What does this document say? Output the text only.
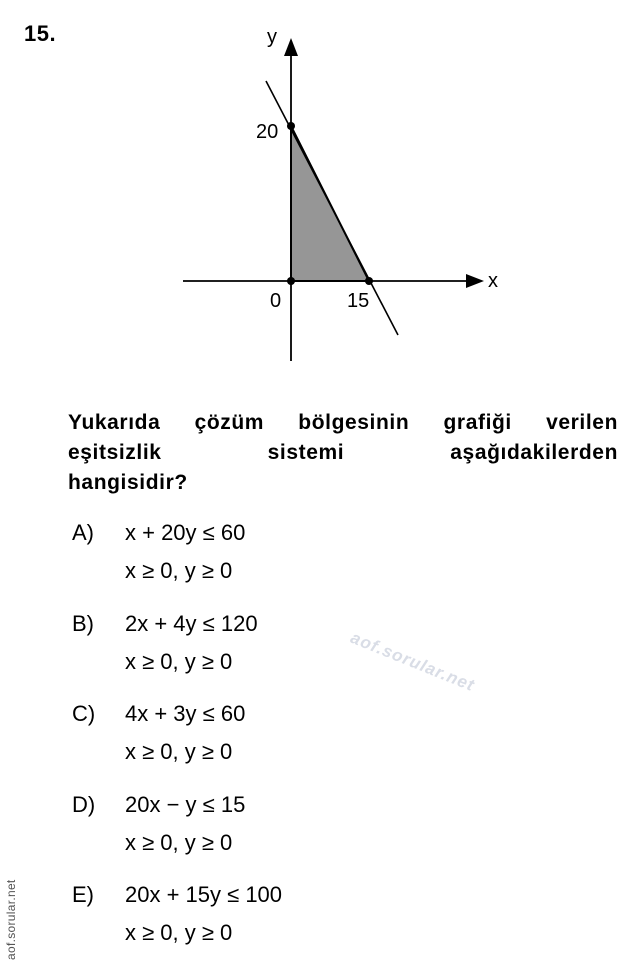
15.	y
x
20
0	15
Yukarıda çözüm bölgesinin grafiği verilen
eşitsizlik sistemi aşağıdakilerden
hangisidir?
A) x + 20y ≤ 60
x ≥ 0, y ≥ 0
B) 2x + 4y ≤ 120
x ≥ 0, y ≥ 0
C) 4x + 3y ≤ 60
x ≥ 0, y ≥ 0
D) 20x − y ≤ 15
x ≥ 0, y ≥ 0
E) 20x + 15y ≤ 100
x ≥ 0, y ≥ 0
aof.sorular.net
aof.sorular.net
